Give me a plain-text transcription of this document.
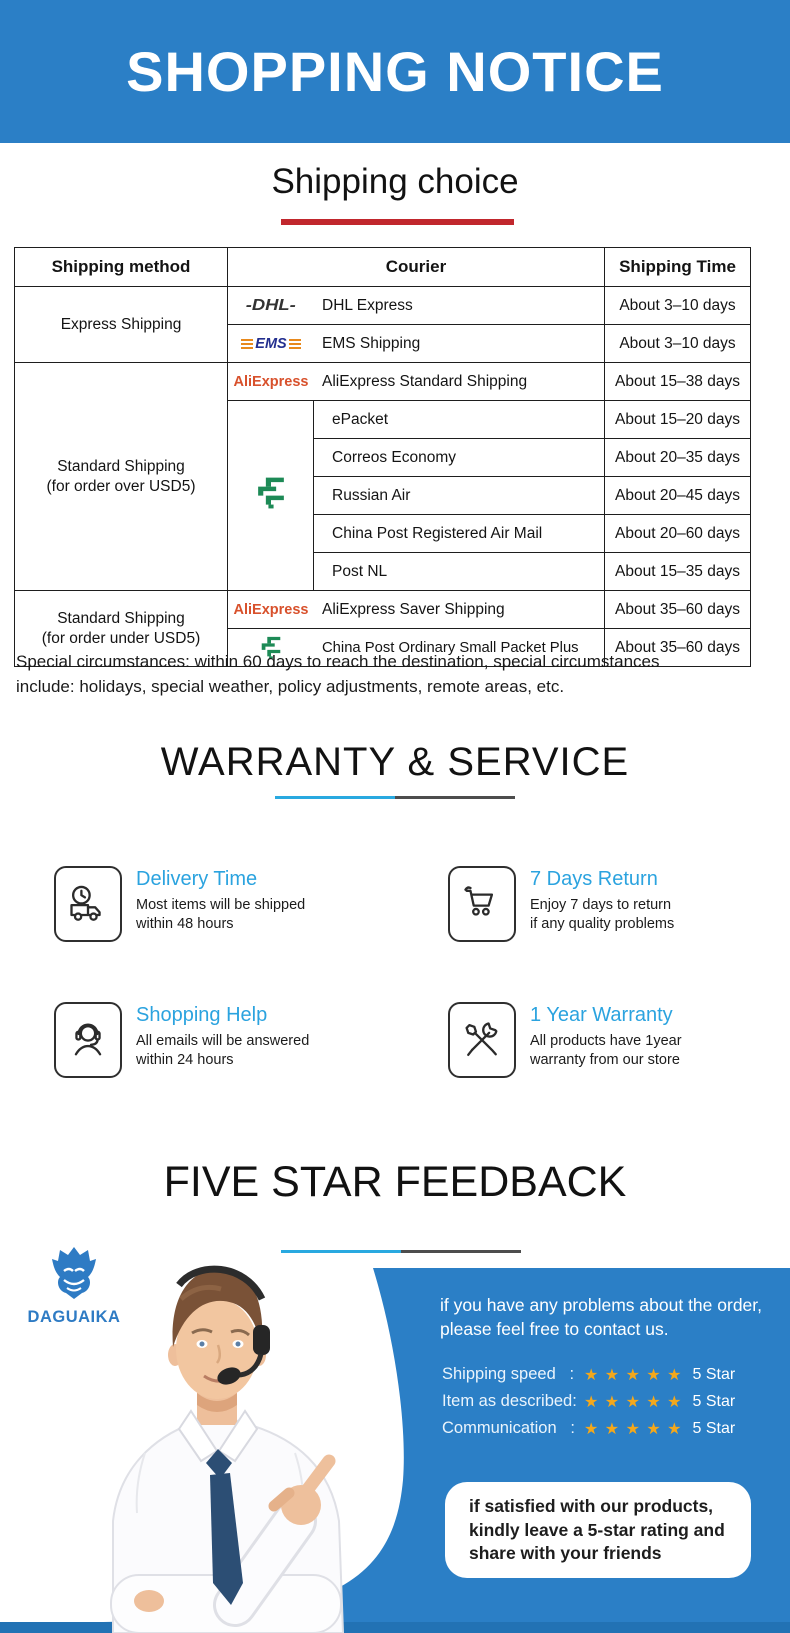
SHOPPING NOTICE
Shipping choice
Shipping method	Courier		Shipping Time
Express Shipping	-DHL- DHL Express		About 3–10 days

	EMS EMS Shipping		About 3–10 days

Standard Shipping
(for order over USD5)

AliExpress AliExpress Standard Shipping	About 15–38 days
	ePacket	About 15–20 days
		Correos Economy	About 20–35 days
		Russian Air	About 20–45 days
		China Post Registered Air Mail	About 20–60 days
		Post NL	About 15–35 days

Standard Shipping
(for order under USD5)

AliExpress AliExpress Saver Shipping	About 35–60 days

	China Post Ordinary Small Packet Plus		About 35–60 days
Special circumstances: within 60 days to reach the destination, special circumstances
include: holidays, special weather, policy adjustments, remote areas, etc.
WARRANTY & SERVICE
Delivery Time
Most items will be shipped
within 48 hours
7 Days Return
Enjoy 7 days to return
if any quality problems
Shopping Help
All emails will be answered
within 24 hours
1 Year Warranty
All products have 1year
warranty from our store
FIVE STAR FEEDBACK
DAGUAIKA
if you have any problems about the order,
please feel free to contact us.
Shipping speed   : ★ ★ ★ ★ ★ 5 Star
Item as described: ★ ★ ★ ★ ★ 5 Star
Communication   : ★ ★ ★ ★ ★ 5 Star
if satisfied with our products,
kindly leave a 5-star rating and
share with your friends
